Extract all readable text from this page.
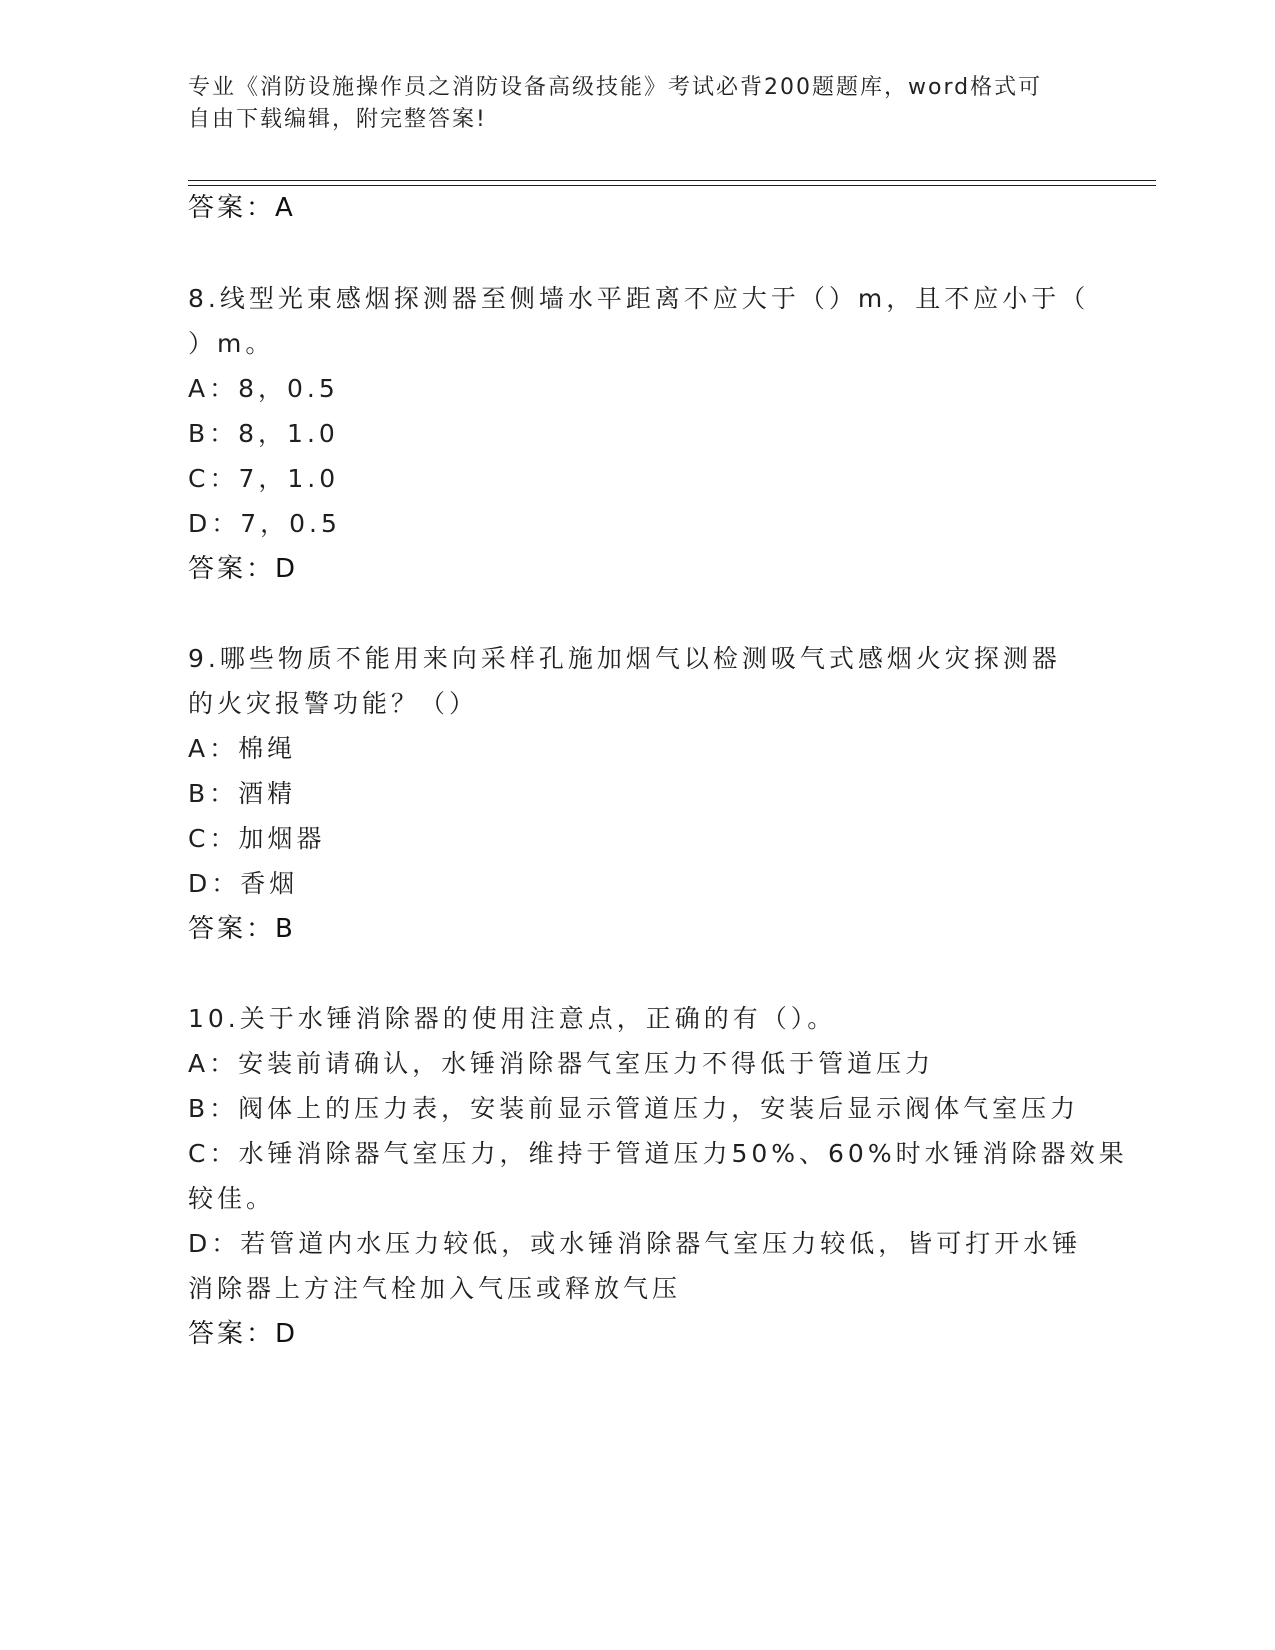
专业《消防设施操作员之消防设备高级技能》考试必背200题题库，word格式可
自由下载编辑，附完整答案!
答案：A
8.线型光束感烟探测器至侧墙水平距离不应大于（）m，且不应小于（
）m。
A：8，0.5
B：8，1.0
C：7，1.0
D：7，0.5
答案：D
9.哪些物质不能用来向采样孔施加烟气以检测吸气式感烟火灾探测器
的火灾报警功能？（）
A：棉绳
B：酒精
C：加烟器
D：香烟
答案：B
10.关于水锤消除器的使用注意点，正确的有（）。
A：安装前请确认，水锤消除器气室压力不得低于管道压力
B：阀体上的压力表，安装前显示管道压力，安装后显示阀体气室压力
C：水锤消除器气室压力，维持于管道压力50%、60%时水锤消除器效果
较佳。
D：若管道内水压力较低，或水锤消除器气室压力较低，皆可打开水锤
消除器上方注气栓加入气压或释放气压
答案：D
